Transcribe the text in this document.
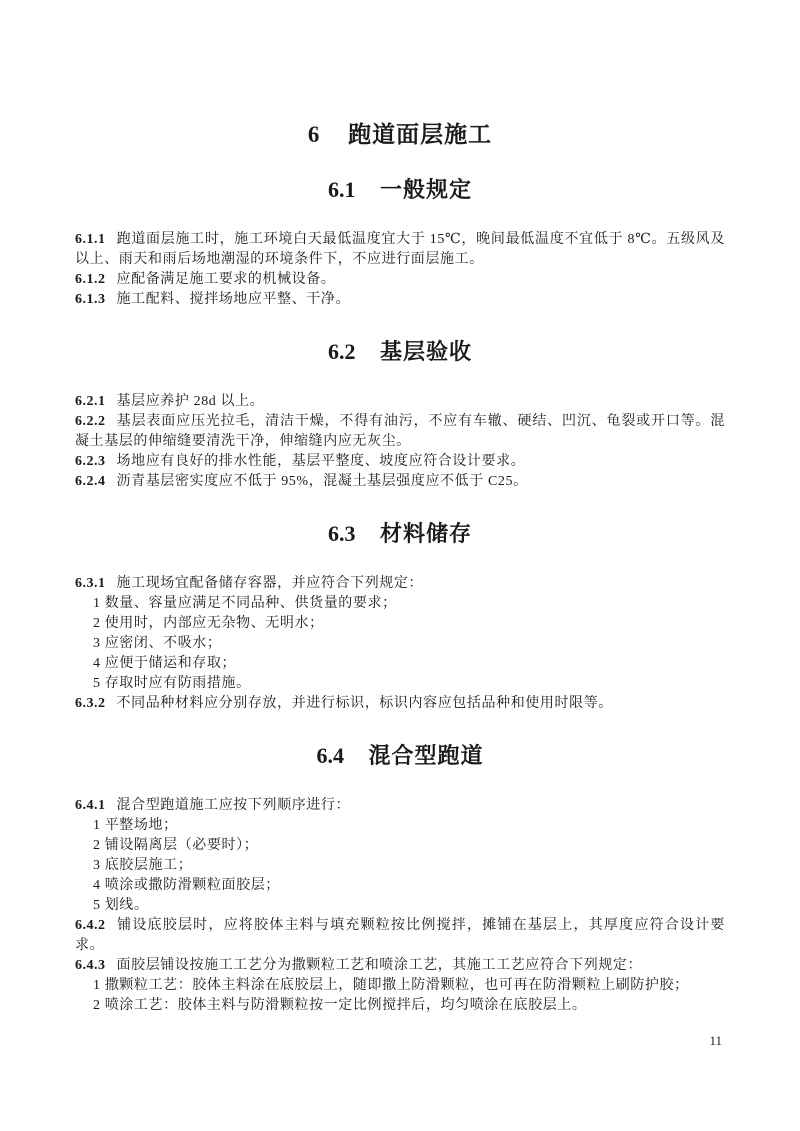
6 跑道面层施工
6.1 一般规定

6.1.1 跑道面层施工时，施工环境白天最低温度宜大于 15℃，晚间最低温度不宜低于 8℃。五级风及以上、雨天和雨后场地潮湿的环境条件下，不应进行面层施工。

6.1.2 应配备满足施工要求的机械设备。

6.1.3 施工配料、搅拌场地应平整、干净。

6.2 基层验收

6.2.1 基层应养护 28d 以上。

6.2.2 基层表面应压光拉毛，清洁干燥，不得有油污，不应有车辙、硬结、凹沉、龟裂或开口等。混凝土基层的伸缩缝要清洗干净，伸缩缝内应无灰尘。

6.2.3 场地应有良好的排水性能，基层平整度、坡度应符合设计要求。

6.2.4 沥青基层密实度应不低于 95%，混凝土基层强度应不低于 C25。

6.3 材料储存

6.3.1 施工现场宜配备储存容器，并应符合下列规定：

1 数量、容量应满足不同品种、供货量的要求；

2 使用时，内部应无杂物、无明水；

3 应密闭、不吸水；

4 应便于储运和存取；

5 存取时应有防雨措施。

6.3.2 不同品种材料应分别存放，并进行标识，标识内容应包括品种和使用时限等。

6.4 混合型跑道

6.4.1 混合型跑道施工应按下列顺序进行：

1 平整场地；

2 铺设隔离层（必要时）；

3 底胶层施工；

4 喷涂或撒防滑颗粒面胶层；

5 划线。

6.4.2 铺设底胶层时，应将胶体主料与填充颗粒按比例搅拌，摊铺在基层上，其厚度应符合设计要求。

6.4.3 面胶层铺设按施工工艺分为撒颗粒工艺和喷涂工艺，其施工工艺应符合下列规定：

1 撒颗粒工艺：胶体主料涂在底胶层上，随即撒上防滑颗粒，也可再在防滑颗粒上刷防护胶；

2 喷涂工艺：胶体主料与防滑颗粒按一定比例搅拌后，均匀喷涂在底胶层上。

11
